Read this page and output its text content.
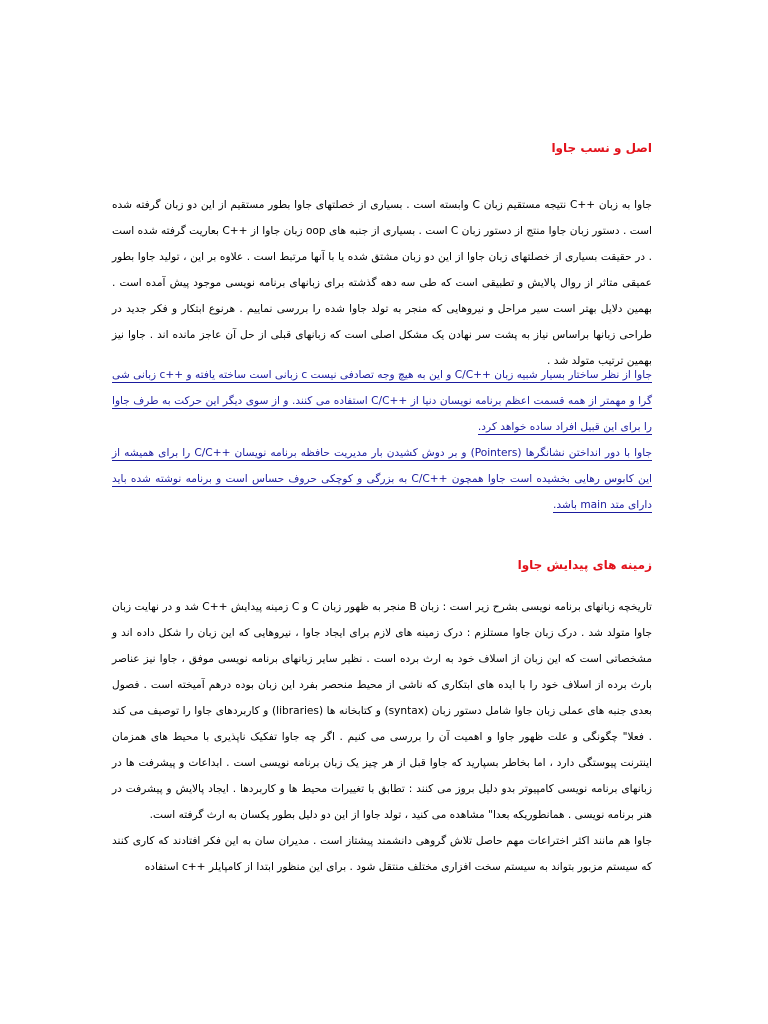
اصل و نسب جاوا

جاوا به زبان ++C نتیجه مستقیم زبان C وابسته است . بسیاری از خصلتهای جاوا بطور مستقیم از این دو زبان گرفته شده است . دستور زبان جاوا منتج از دستور زبان C است . بسیاری از جنبه های oop زبان جاوا از ++C بعاریت گرفته شده است . در حقیقت بسیاری از خصلتهای زبان جاوا از این دو زبان مشتق شده یا با آنها مرتبط است . علاوه بر این ، تولید جاوا بطور عمیقی متاثر از روال پالایش و تطبیقی است که طی سه دهه گذشته برای زبانهای برنامه نویسی موجود پیش آمده است . بهمین دلایل بهتر است سیر مراحل و نیروهایی که منجر به تولد جاوا شده را بررسی نماییم . هرنوع ابتکار و فکر جدید در طراحی زبانها براساس نیاز به پشت سر نهادن یک مشکل اصلی است که زبانهای قبلی از حل آن عاجز مانده اند . جاوا نیز بهمین ترتیب متولد شد .

جاوا از نظر ساختار بسیار شبیه زبان ++C/C و این به هیچ وجه تصادفی نیست c زبانی است ساخته یافته و ++c زبانی شی گرا و مهمتر از همه قسمت اعظم برنامه نویسان دنیا از ++C/C استفاده می کنند. و از سوی دیگر این حرکت به طرف جاوا را برای این قبیل افراد ساده خواهد کرد.
جاوا با دور انداختن نشانگرها (Pointers) و بر دوش کشیدن بار مدیریت حافظه برنامه نویسان ++C/C را برای همیشه از این کابوس رهایی بخشیده است جاوا همچون ++C/C به بزرگی و کوچکی حروف حساس است و برنامه نوشته شده باید دارای متد main باشد.
زمینه های پیدایش جاوا
تاریخچه زبانهای برنامه نویسی بشرح زیر است : زبان B منجر به ظهور زبان C و C زمینه پیدایش ++C شد و در نهایت زبان جاوا متولد شد . درک زبان جاوا مستلزم : درک زمینه های لازم برای ایجاد جاوا ، نیروهایی که این زبان را شکل داده اند و مشخصاتی است که این زبان از اسلاف خود به ارث برده است . نظیر سایر زبانهای برنامه نویسی موفق ، جاوا نیز عناصر بارث برده از اسلاف خود را با ایده های ابتکاری که ناشی از محیط منحصر بفرد این زبان بوده درهم آمیخته است . فصول بعدی جنبه های عملی زبان جاوا شامل دستور زبان (syntax) و کتابخانه ها (libraries) و کاربردهای جاوا را توصیف می کند . فعلا" چگونگی و علت ظهور جاوا و اهمیت آن را بررسی می کنیم . اگر چه جاوا تفکیک ناپذیری با محیط های همزمان اینترنت پیوستگی دارد ، اما بخاطر بسپارید که جاوا قبل از هر چیز یک زبان برنامه نویسی است . ابداعات و پیشرفت ها در زبانهای برنامه نویسی کامپیوتر بدو دلیل بروز می کنند : تطابق با تغییرات محیط ها و کاربردها . ایجاد پالایش و پیشرفت در هنر برنامه نویسی . همانطوریکه بعدا" مشاهده می کنید ، تولد جاوا از این دو دلیل بطور یکسان به ارث گرفته است.
جاوا هم مانند اکثر اختراعات مهم حاصل تلاش گروهی دانشمند پیشتاز است . مدیران سان به این فکر افتادند که کاری کنند که سیستم مزبور بتواند به سیستم سخت افزاری مختلف منتقل شود . برای این منظور ابتدا از کامپایلر ++c استفاده
